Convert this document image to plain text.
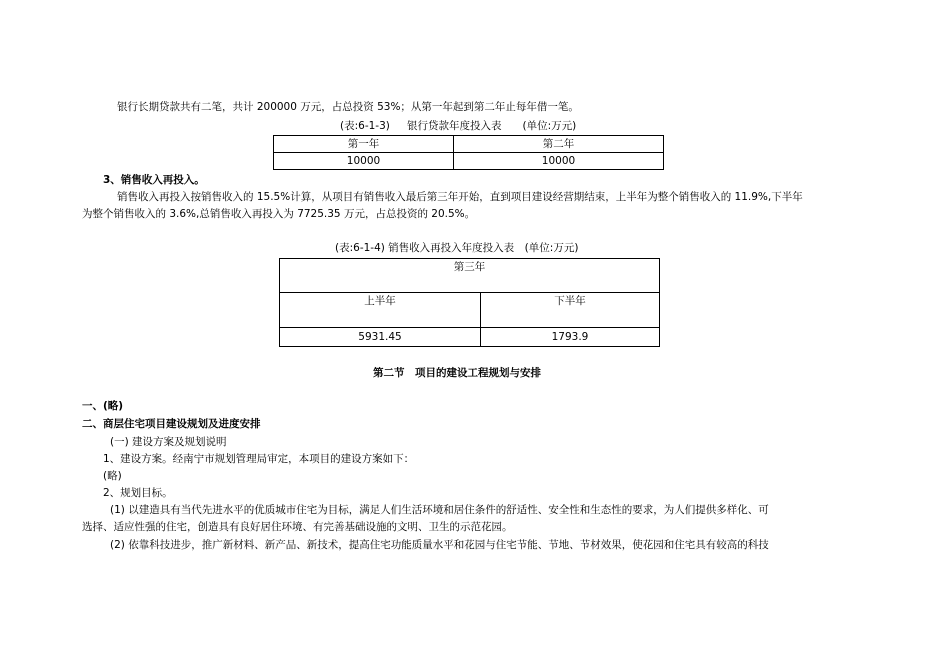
银行长期贷款共有二笔，共计 200000 万元，占总投资 53%；从第一年起到第二年止每年借一笔。
(表:6-1-3)　  银行贷款年度投入表　　(单位:万元)
第一年	第二年
10000	10000
3、销售收入再投入。
销售收入再投入按销售收入的 15.5%计算，从项目有销售收入最后第三年开始，直到项目建设经营期结束，上半年为整个销售收入的 11.9%,下半年
为整个销售收入的 3.6%,总销售收入再投入为 7725.35 万元，占总投资的 20.5%。
(表:6-1-4) 销售收入再投入年度投入表　(单位:万元)
第三年	
上半年	下半年
5931.45	1793.9
第二节　项目的建设工程规划与安排
一、(略)
二、商层住宅项目建设规划及进度安排
(一) 建设方案及规划说明
1、建设方案。经南宁市规划管理局审定，本项目的建设方案如下：
(略)
2、规划目标。
(1) 以建造具有当代先进水平的优质城市住宅为目标，满足人们生活环境和居住条件的舒适性、安全性和生态性的要求，为人们提供多样化、可
选择、适应性强的住宅，创造具有良好居住环境、有完善基础设施的文明、卫生的示范花园。
(2) 依靠科技进步，推广新材料、新产品、新技术，提高住宅功能质量水平和花园与住宅节能、节地、节材效果，使花园和住宅具有较高的科技
